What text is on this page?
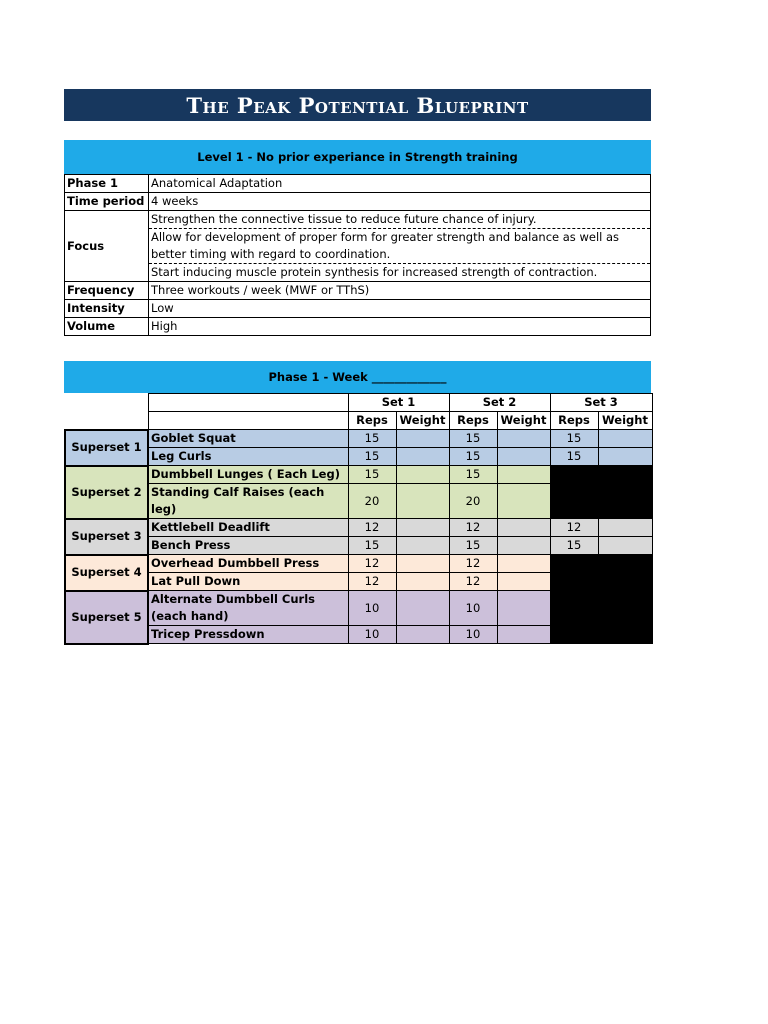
The Peak Potential Blueprint
Level 1 - No prior experiance in Strength training
Phase 1	Anatomical Adaptation
Time period	4 weeks
Focus	Strengthen the connective tissue to reduce future chance of injury.
	Allow for development of proper form for greater strength and balance as well as better timing with regard to coordination.
	Start inducing muscle protein synthesis for increased strength of contraction.
Frequency	Three workouts / week (MWF or TThS)
Intensity	Low
Volume	High
Phase 1 - Week _____________
		Set 1		Set 2		Set 3	
		Reps	Weight	Reps	Weight	Reps	Weight
Superset 1	Goblet Squat	15		15		15	
	Leg Curls	15		15		15	
Superset 2	Dumbbell Lunges ( Each Leg)	15		15			
	Standing Calf Raises (each leg)	20		20			
Superset 3	Kettlebell Deadlift	12		12		12	
	Bench Press	15		15		15	
Superset 4	Overhead Dumbbell Press	12		12			
	Lat Pull Down	12		12			
Superset 5	Alternate Dumbbell Curls (each hand)	10		10			
	Tricep Pressdown	10		10			
